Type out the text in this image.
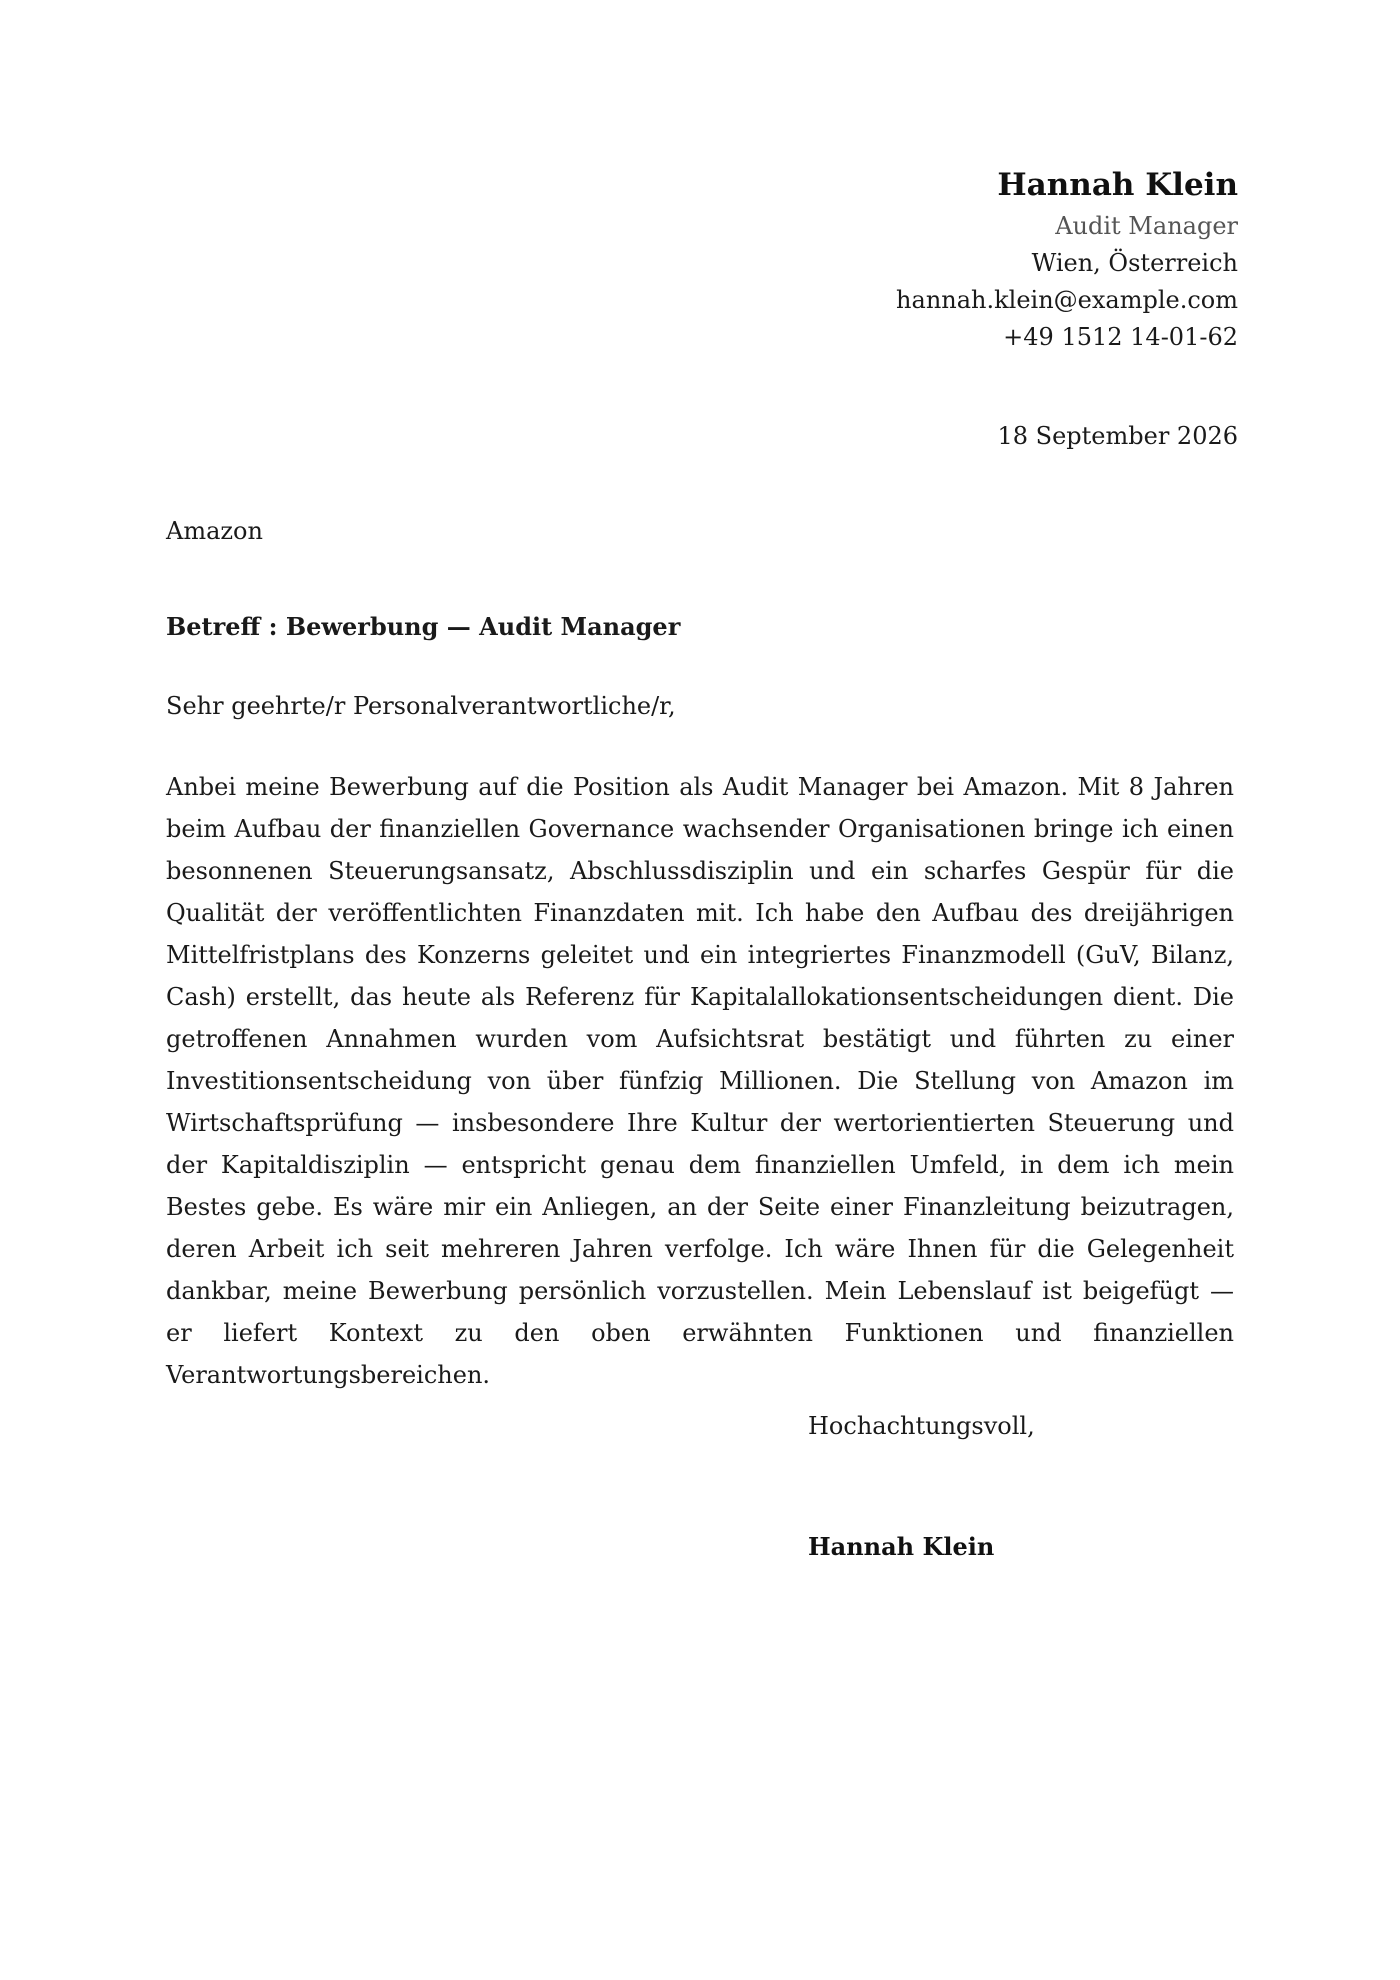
Hannah Klein
Audit Manager
Wien, Österreich
hannah.klein@example.com
+49 1512 14-01-62
18 September 2026
Amazon
Betreff : Bewerbung — Audit Manager
Sehr geehrte/r Personalverantwortliche/r,
Anbei meine Bewerbung auf die Position als Audit Manager bei Amazon. Mit 8 Jahren beim Aufbau der finanziellen Governance wachsender Organisationen bringe ich einen besonnenen Steuerungsansatz, Abschlussdisziplin und ein scharfes Gespür für die Qualität der veröffentlichten Finanzdaten mit. Ich habe den Aufbau des dreijährigen Mittelfristplans des Konzerns geleitet und ein integriertes Finanzmodell (GuV, Bilanz, Cash) erstellt, das heute als Referenz für Kapitalallokationsentscheidungen dient. Die getroffenen Annahmen wurden vom Aufsichtsrat bestätigt und führten zu einer Investitionsentscheidung von über fünfzig Millionen. Die Stellung von Amazon im Wirtschaftsprüfung — insbesondere Ihre Kultur der wertorientierten Steuerung und der Kapitaldisziplin — entspricht genau dem finanziellen Umfeld, in dem ich mein Bestes gebe. Es wäre mir ein Anliegen, an der Seite einer Finanzleitung beizutragen, deren Arbeit ich seit mehreren Jahren verfolge. Ich wäre Ihnen für die Gelegenheit dankbar, meine Bewerbung persönlich vorzustellen. Mein Lebenslauf ist beigefügt — er liefert Kontext zu den oben erwähnten Funktionen und finanziellen Verantwortungsbereichen.
Hochachtungsvoll,
Hannah Klein
